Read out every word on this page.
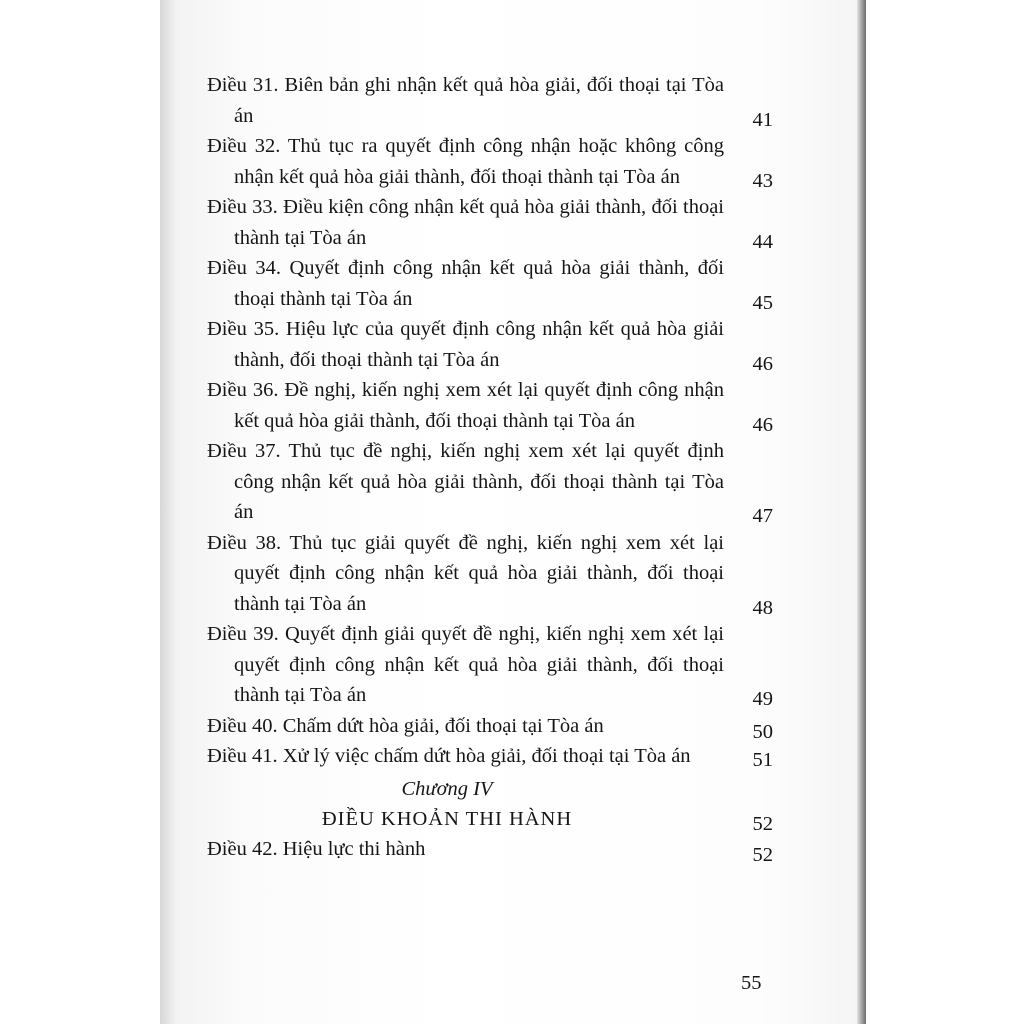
Điều 31. Biên bản ghi nhận kết quả hòa giải, đối thoại tại Tòa án	41
Điều 32. Thủ tục ra quyết định công nhận hoặc không công nhận kết quả hòa giải thành, đối thoại thành tại Tòa án	43
Điều 33. Điều kiện công nhận kết quả hòa giải thành, đối thoại thành tại Tòa án	44
Điều 34. Quyết định công nhận kết quả hòa giải thành, đối thoại thành tại Tòa án	45
Điều 35. Hiệu lực của quyết định công nhận kết quả hòa giải thành, đối thoại thành tại Tòa án	46
Điều 36. Đề nghị, kiến nghị xem xét lại quyết định công nhận kết quả hòa giải thành, đối thoại thành tại Tòa án	46
Điều 37. Thủ tục đề nghị, kiến nghị xem xét lại quyết định công nhận kết quả hòa giải thành, đối thoại thành tại Tòa án	47
Điều 38. Thủ tục giải quyết đề nghị, kiến nghị xem xét lại quyết định công nhận kết quả hòa giải thành, đối thoại thành tại Tòa án	48
Điều 39. Quyết định giải quyết đề nghị, kiến nghị xem xét lại quyết định công nhận kết quả hòa giải thành, đối thoại thành tại Tòa án	49
Điều 40. Chấm dứt hòa giải, đối thoại tại Tòa án	50
Điều 41. Xử lý việc chấm dứt hòa giải, đối thoại tại Tòa án	51
Chương IV
ĐIỀU KHOẢN THI HÀNH	52
Điều 42. Hiệu lực thi hành	52
55
